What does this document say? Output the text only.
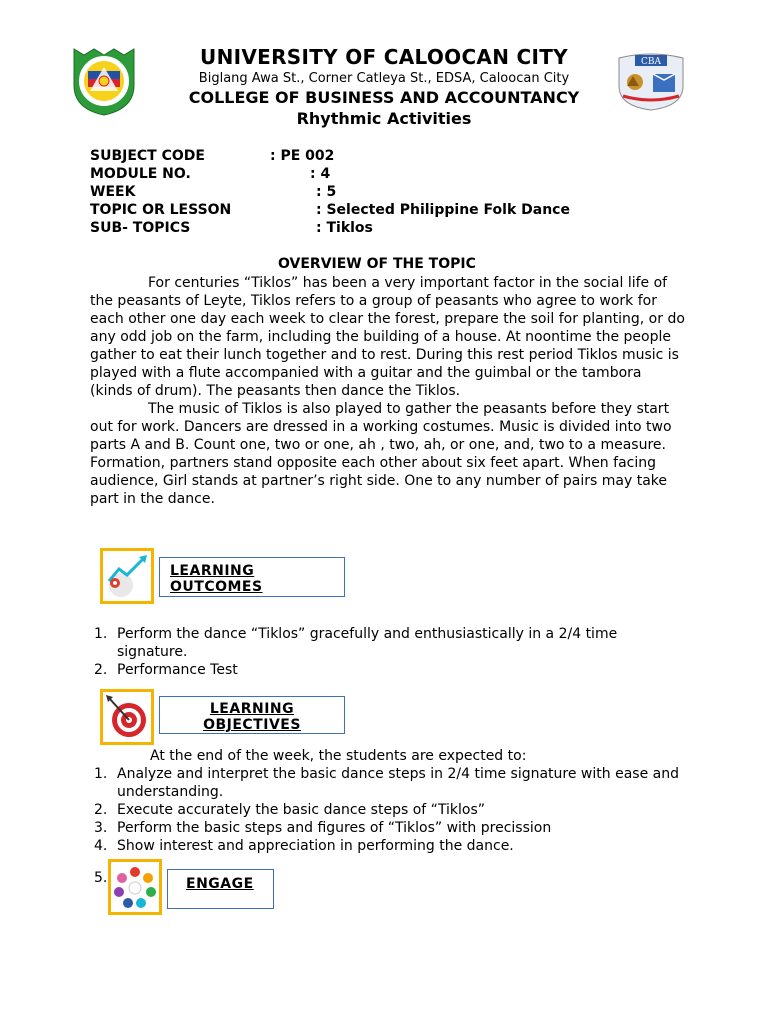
CBA
UNIVERSITY OF CALOOCAN CITY
Biglang Awa St., Corner Catleya St., EDSA, Caloocan City
COLLEGE OF BUSINESS AND ACCOUNTANCY
Rhythmic Activities
SUBJECT CODE	: PE 002
MODULE NO.	: 4
WEEK	: 5
TOPIC OR LESSON	: Selected Philippine Folk Dance
SUB- TOPICS	: Tiklos
OVERVIEW OF THE TOPIC

For centuries “Tiklos” has been a very important factor in the social life of the peasants of Leyte, Tiklos refers to a group of peasants who agree to work for each other one day each week to clear the forest, prepare the soil for planting, or do any odd job on the farm, including the building of a house. At noontime the people gather to eat their lunch together and to rest. During this rest period Tiklos music is played with a flute accompanied with a guitar and the guimbal or the tambora (kinds of drum). The peasants then dance the Tiklos.

The music of Tiklos is also played to gather the peasants before they start out for work. Dancers are dressed in a working costumes. Music is divided into two parts A and B. Count one, two or one, ah , two, ah, or one, and, two to a measure. Formation, partners stand opposite each other about six feet apart. When facing audience, Girl stands at partner’s right side. One to any number of pairs may take part in the dance.

LEARNING OUTCOMES
1. Perform the dance “Tiklos” gracefully and enthusiastically in a 2/4 time signature.
2. Performance Test
LEARNING OBJECTIVES
At the end of the week, the students are expected to:
1. Analyze and interpret the basic dance steps in 2/4 time signature with ease and understanding.
2. Execute accurately the basic dance steps of “Tiklos”
3. Perform the basic steps and figures of “Tiklos” with precission
4. Show interest and appreciation in performing the dance.
5.	ENGAGE
